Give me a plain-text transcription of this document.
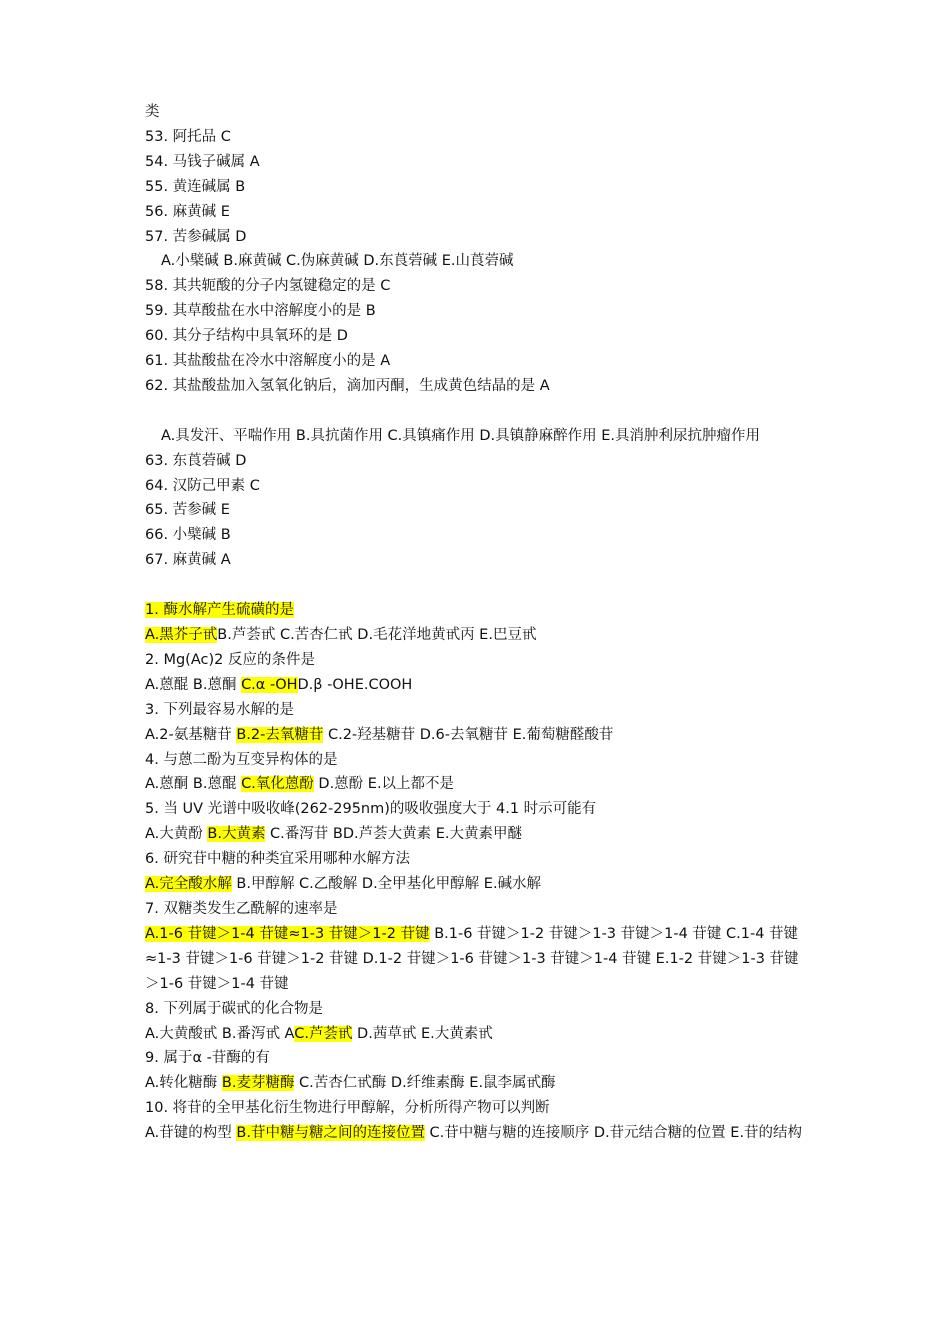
类
53. 阿托品 C
54. 马钱子碱属 A
55. 黄连碱属 B
56. 麻黄碱 E
57. 苦参碱属 D
A.小檗碱 B.麻黄碱 C.伪麻黄碱 D.东莨菪碱 E.山莨菪碱
58. 其共轭酸的分子内氢键稳定的是 C
59. 其草酸盐在水中溶解度小的是 B
60. 其分子结构中具氧环的是 D
61. 其盐酸盐在冷水中溶解度小的是 A
62. 其盐酸盐加入氢氧化钠后，滴加丙酮，生成黄色结晶的是 A
A.具发汗、平喘作用 B.具抗菌作用 C.具镇痛作用 D.具镇静麻醉作用 E.具消肿利尿抗肿瘤作用
63. 东莨菪碱 D
64. 汉防己甲素 C
65. 苦参碱 E
66. 小檗碱 B
67. 麻黄碱 A
1. 酶水解产生硫磺的是
A.黑芥子甙B.芦荟甙 C.苦杏仁甙 D.毛花洋地黄甙丙 E.巴豆甙
2. Mg(Ac)2 反应的条件是
A.蒽醌 B.蒽酮 C.α -OHD.β -OHE.COOH
3. 下列最容易水解的是
A.2-氨基糖苷 B.2-去氧糖苷 C.2-羟基糖苷 D.6-去氧糖苷 E.葡萄糖醛酸苷
4. 与蒽二酚为互变异构体的是
A.蒽酮 B.蒽醌 C.氧化蒽酚 D.蒽酚 E.以上都不是
5. 当 UV 光谱中吸收峰(262-295nm)的吸收强度大于 4.1 时示可能有
A.大黄酚 B.大黄素 C.番泻苷 BD.芦荟大黄素 E.大黄素甲醚
6. 研究苷中糖的种类宜采用哪种水解方法
A.完全酸水解 B.甲醇解 C.乙酸解 D.全甲基化甲醇解 E.碱水解
7. 双糖类发生乙酰解的速率是
A.1-6 苷键＞1-4 苷键≈1-3 苷键＞1-2 苷键 B.1-6 苷键＞1-2 苷键＞1-3 苷键＞1-4 苷键 C.1-4 苷键≈1-3 苷键＞1-6 苷键＞1-2 苷键 D.1-2 苷键＞1-6 苷键＞1-3 苷键＞1-4 苷键 E.1-2 苷键＞1-3 苷键＞1-6 苷键＞1-4 苷键
8. 下列属于碳甙的化合物是
A.大黄酸甙 B.番泻甙 AC.芦荟甙 D.茜草甙 E.大黄素甙
9. 属于α -苷酶的有
A.转化糖酶 B.麦芽糖酶 C.苦杏仁甙酶 D.纤维素酶 E.鼠李属甙酶
10. 将苷的全甲基化衍生物进行甲醇解，分析所得产物可以判断
A.苷键的构型 B.苷中糖与糖之间的连接位置 C.苷中糖与糖的连接顺序 D.苷元结合糖的位置 E.苷的结构
